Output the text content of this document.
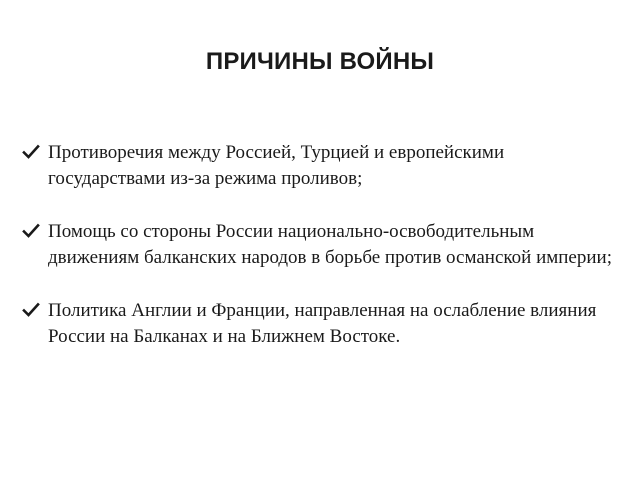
ПРИЧИНЫ ВОЙНЫ
Противоречия между Россией, Турцией и европейскими государствами из-за режима проливов;
Помощь со стороны России национально-освободительным движениям балканских народов в борьбе против османской империи;
Политика Англии и Франции, направленная на ослабление влияния России на Балканах и на Ближнем Востоке.
